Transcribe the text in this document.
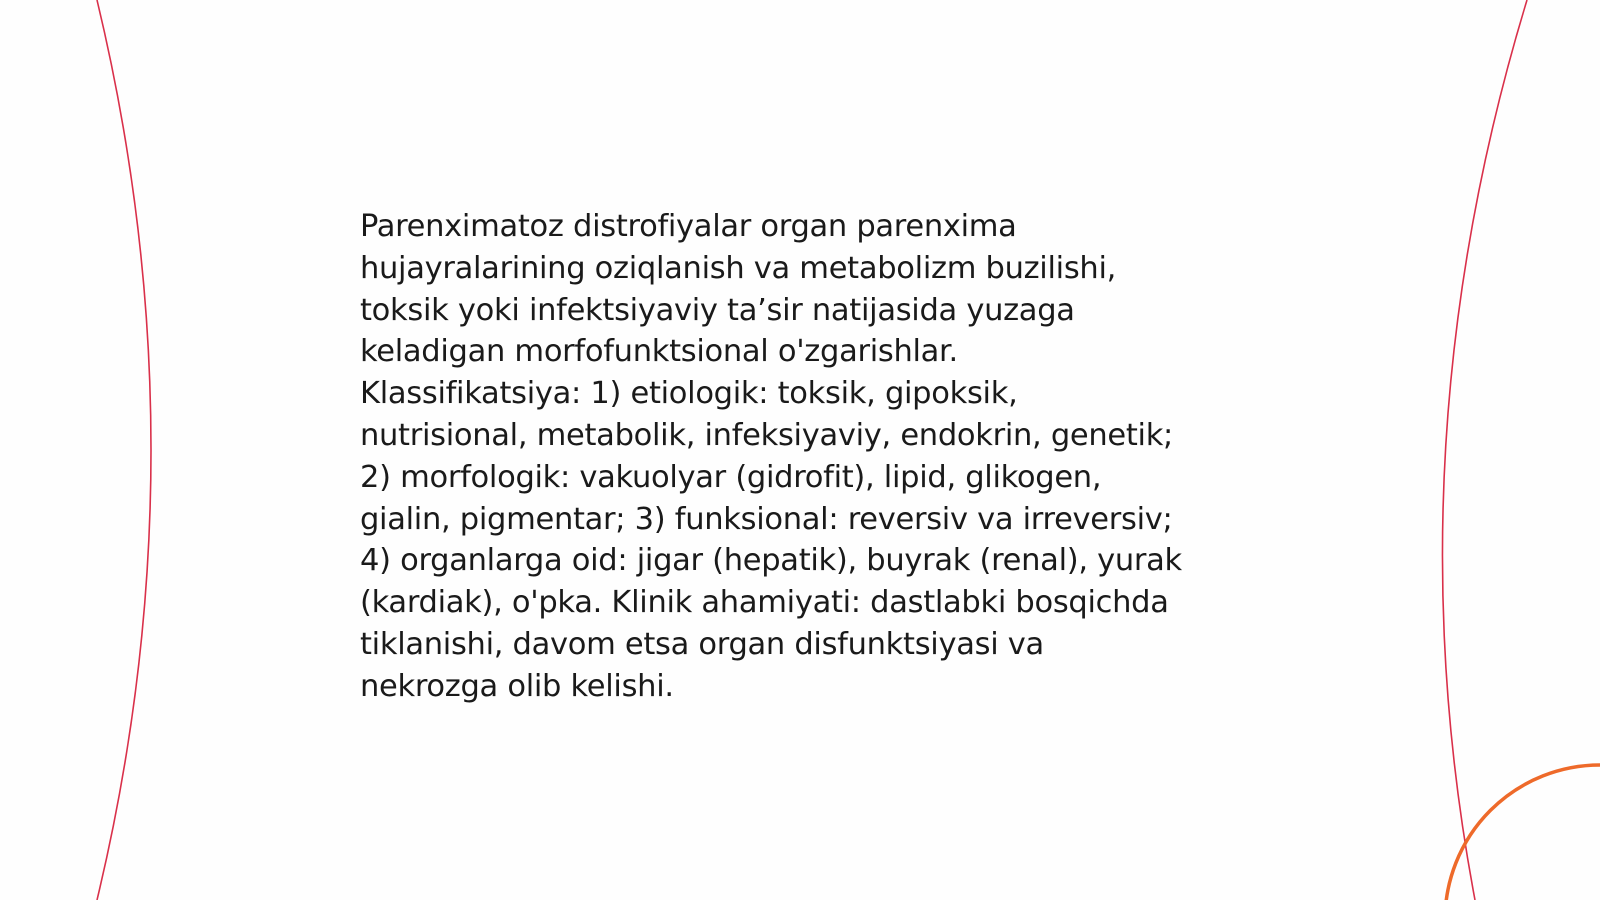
Parenximatoz distrofiyalar organ parenxima
hujayralarining oziqlanish va metabolizm buzilishi,
toksik yoki infektsiyaviy ta’sir natijasida yuzaga
keladigan morfofunktsional o'zgarishlar.
Klassifikatsiya: 1) etiologik: toksik, gipoksik,
nutrisional, metabolik, infeksiyaviy, endokrin, genetik;
2) morfologik: vakuolyar (gidrofit), lipid, glikogen,
gialin, pigmentar; 3) funksional: reversiv va irreversiv;
4) organlarga oid: jigar (hepatik), buyrak (renal), yurak
(kardiak), o'pka. Klinik ahamiyati: dastlabki bosqichda
tiklanishi, davom etsa organ disfunktsiyasi va
nekrozga olib kelishi.
